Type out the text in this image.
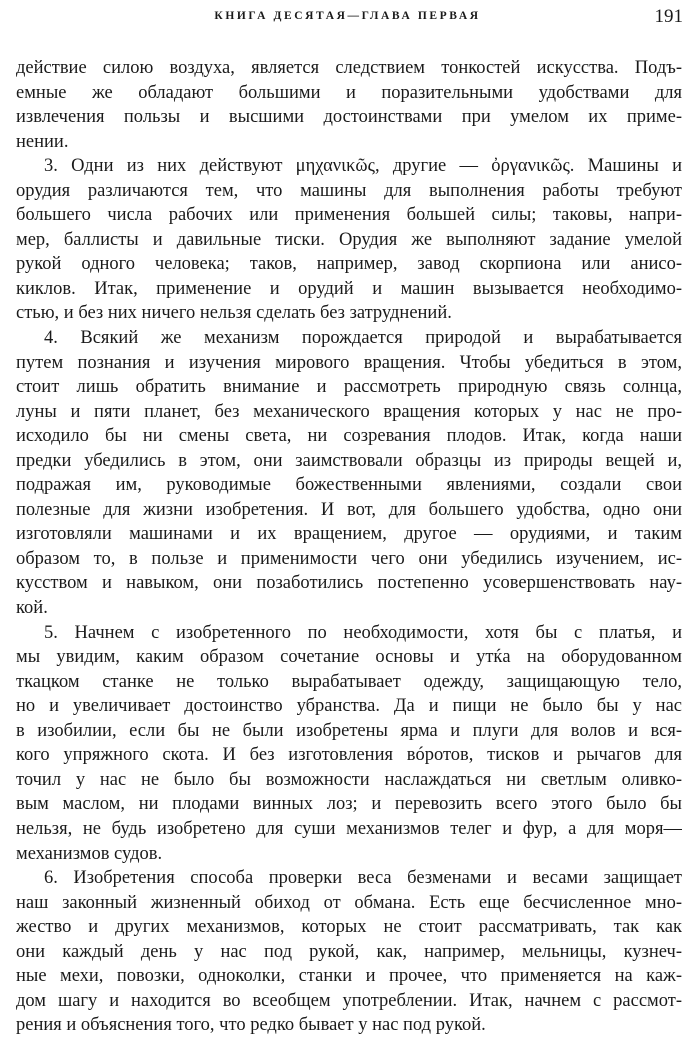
КНИГА ДЕСЯТАЯ—ГЛАВА ПЕРВАЯ	191
действие силою воздуха, является следствием тонкостей искусства. Подъ-
емные же обладают большими и поразительными удобствами для
извлечения пользы и высшими достоинствами при умелом их приме-
нении.
3. Одни из них действуют μηχανικῶς, другие — ὀργανικῶς. Машины и
орудия различаются тем, что машины для выполнения работы требуют
большего числа рабочих или применения большей силы; таковы, напри-
мер, баллисты и давильные тиски. Орудия же выполняют задание умелой
рукой одного человека; таков, например, завод скорпиона или анисо-
киклов. Итак, применение и орудий и машин вызывается необходимо-
стью, и без них ничего нельзя сделать без затруднений.
4. Всякий же механизм порождается природой и вырабатывается
путем познания и изучения мирового вращения. Чтобы убедиться в этом,
стоит лишь обратить внимание и рассмотреть природную связь солнца,
луны и пяти планет, без механического вращения которых у нас не про-
исходило бы ни смены света, ни созревания плодов. Итак, когда наши
предки убедились в этом, они заимствовали образцы из природы вещей и,
подражая им, руководимые божественными явлениями, создали свои
полезные для жизни изобретения. И вот, для большего удобства, одно они
изготовляли машинами и их вращением, другое — орудиями, и таким
образом то, в пользе и применимости чего они убедились изучением, ис-
кусством и навыком, они позаботились постепенно усовершенствовать нау-
кой.
5. Начнем с изобретенного по необходимости, хотя бы с платья, и
мы увидим, каким образом сочетание основы и утќа на оборудованном
ткацком станке не только вырабатывает одежду, защищающую тело,
но и увеличивает достоинство убранства. Да и пищи не было бы у нас
в изобилии, если бы не были изобретены ярма и плуги для волов и вся-
кого упряжного скота. И без изготовления вóротов, тисков и рычагов для
точил у нас не было бы возможности наслаждаться ни светлым оливко-
вым маслом, ни плодами винных лоз; и перевозить всего этого было бы
нельзя, не будь изобретено для суши механизмов телег и фур, а для моря—
механизмов судов.
6. Изобретения способа проверки веса безменами и весами защищает
наш законный жизненный обиход от обмана. Есть еще бесчисленное мно-
жество и других механизмов, которых не стоит рассматривать, так как
они каждый день у нас под рукой, как, например, мельницы, кузнеч-
ные мехи, повозки, одноколки, станки и прочее, что применяется на каж-
дом шагу и находится во всеобщем употреблении. Итак, начнем с рассмот-
рения и объяснения того, что редко бывает у нас под рукой.
